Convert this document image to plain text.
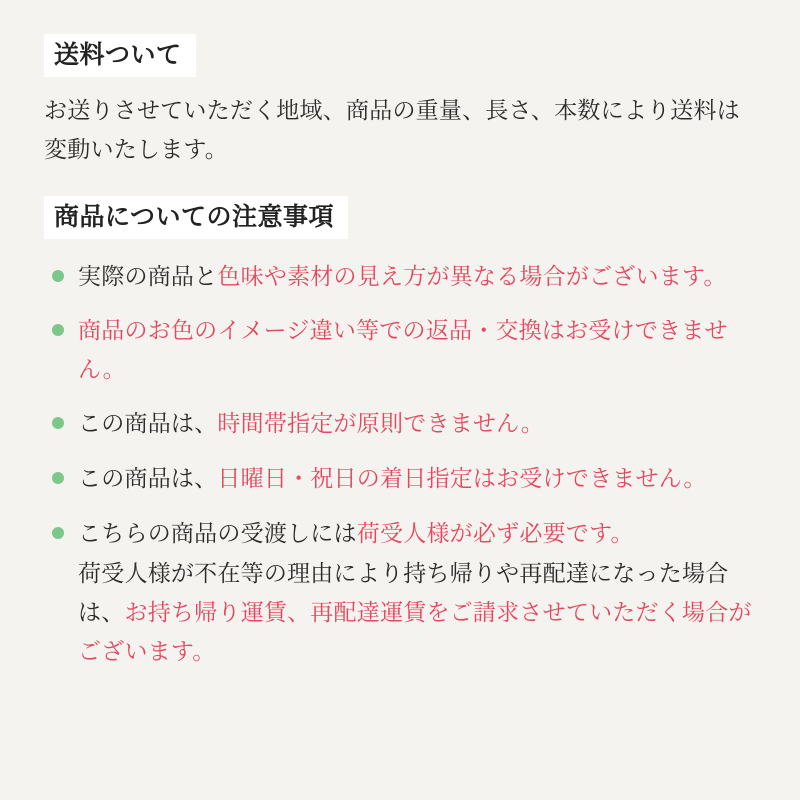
送料ついて

お送りさせていただく地域、商品の重量、長さ、本数により送料は変動いたします。

商品についての注意事項
実際の商品と色味や素材の見え方が異なる場合がございます。
商品のお色のイメージ違い等での返品・交換はお受けできません。
この商品は、時間帯指定が原則できません。
この商品は、日曜日・祝日の着日指定はお受けできません。
こちらの商品の受渡しには荷受人様が必ず必要です。
荷受人様が不在等の理由により持ち帰りや再配達になった場合は、お持ち帰り運賃、再配達運賃をご請求させていただく場合がございます。
